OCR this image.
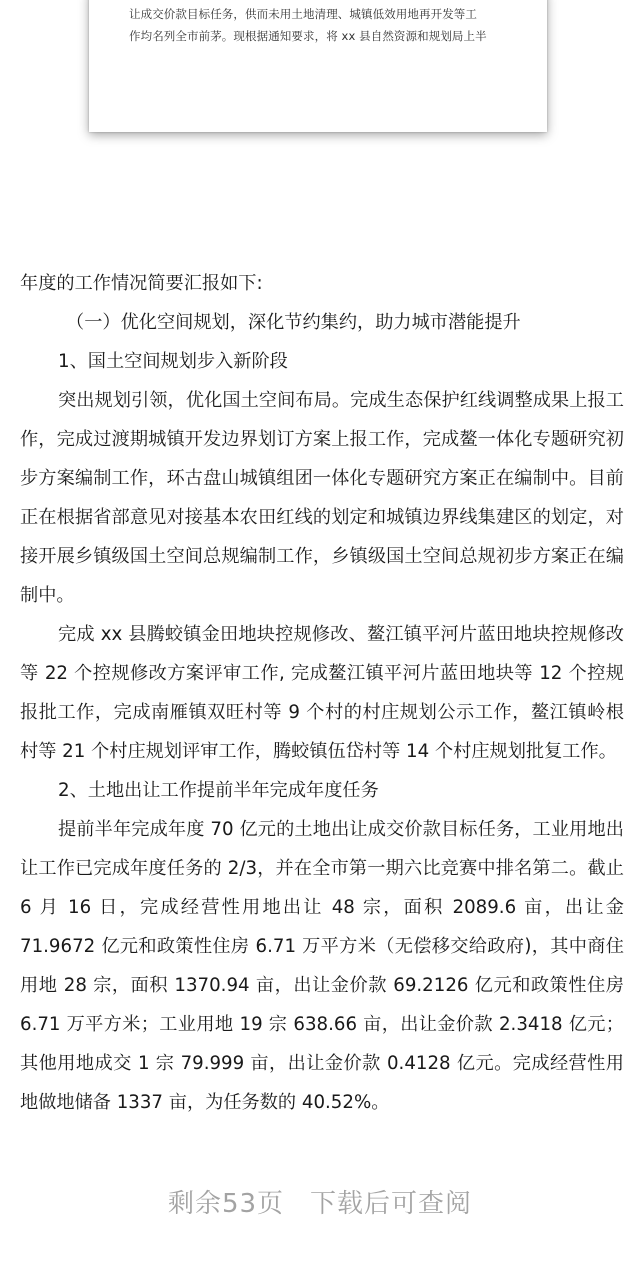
让成交价款目标任务，供而未用土地清理、城镇低效用地再开发等工
作均名列全市前茅。现根据通知要求，将 xx 县自然资源和规划局上半

年度的工作情况简要汇报如下:

（一）优化空间规划，深化节约集约，助力城市潜能提升

1、国土空间规划步入新阶段

突出规划引领，优化国土空间布局。完成生态保护红线调整成果上报工作，完成过渡期城镇开发边界划订方案上报工作，完成鳌一体化专题研究初步方案编制工作，环古盘山城镇组团一体化专题研究方案正在编制中。目前正在根据省部意见对接基本农田红线的划定和城镇边界线集建区的划定，对接开展乡镇级国土空间总规编制工作，乡镇级国土空间总规初步方案正在编制中。

完成 xx 县腾蛟镇金田地块控规修改、鳌江镇平河片蓝田地块控规修改等 22 个控规修改方案评审工作, 完成鳌江镇平河片蓝田地块等 12 个控规报批工作，完成南雁镇双旺村等 9 个村的村庄规划公示工作，鳌江镇岭根村等 21 个村庄规划评审工作，腾蛟镇伍岱村等 14 个村庄规划批复工作。

2、土地出让工作提前半年完成年度任务

提前半年完成年度 70 亿元的土地出让成交价款目标任务，工业用地出让工作已完成年度任务的 2/3，并在全市第一期六比竞赛中排名第二。截止 6 月 16 日，完成经营性用地出让 48 宗，面积 2089.6 亩，出让金 71.9672 亿元和政策性住房 6.71 万平方米（无偿移交给政府)，其中商住用地 28 宗，面积 1370.94 亩，出让金价款 69.2126 亿元和政策性住房 6.71 万平方米；工业用地 19 宗 638.66 亩，出让金价款 2.3418 亿元；其他用地成交 1 宗 79.999 亩，出让金价款 0.4128 亿元。完成经营性用地做地储备 1337 亩，为任务数的 40.52%。

剩余53页 下载后可查阅
